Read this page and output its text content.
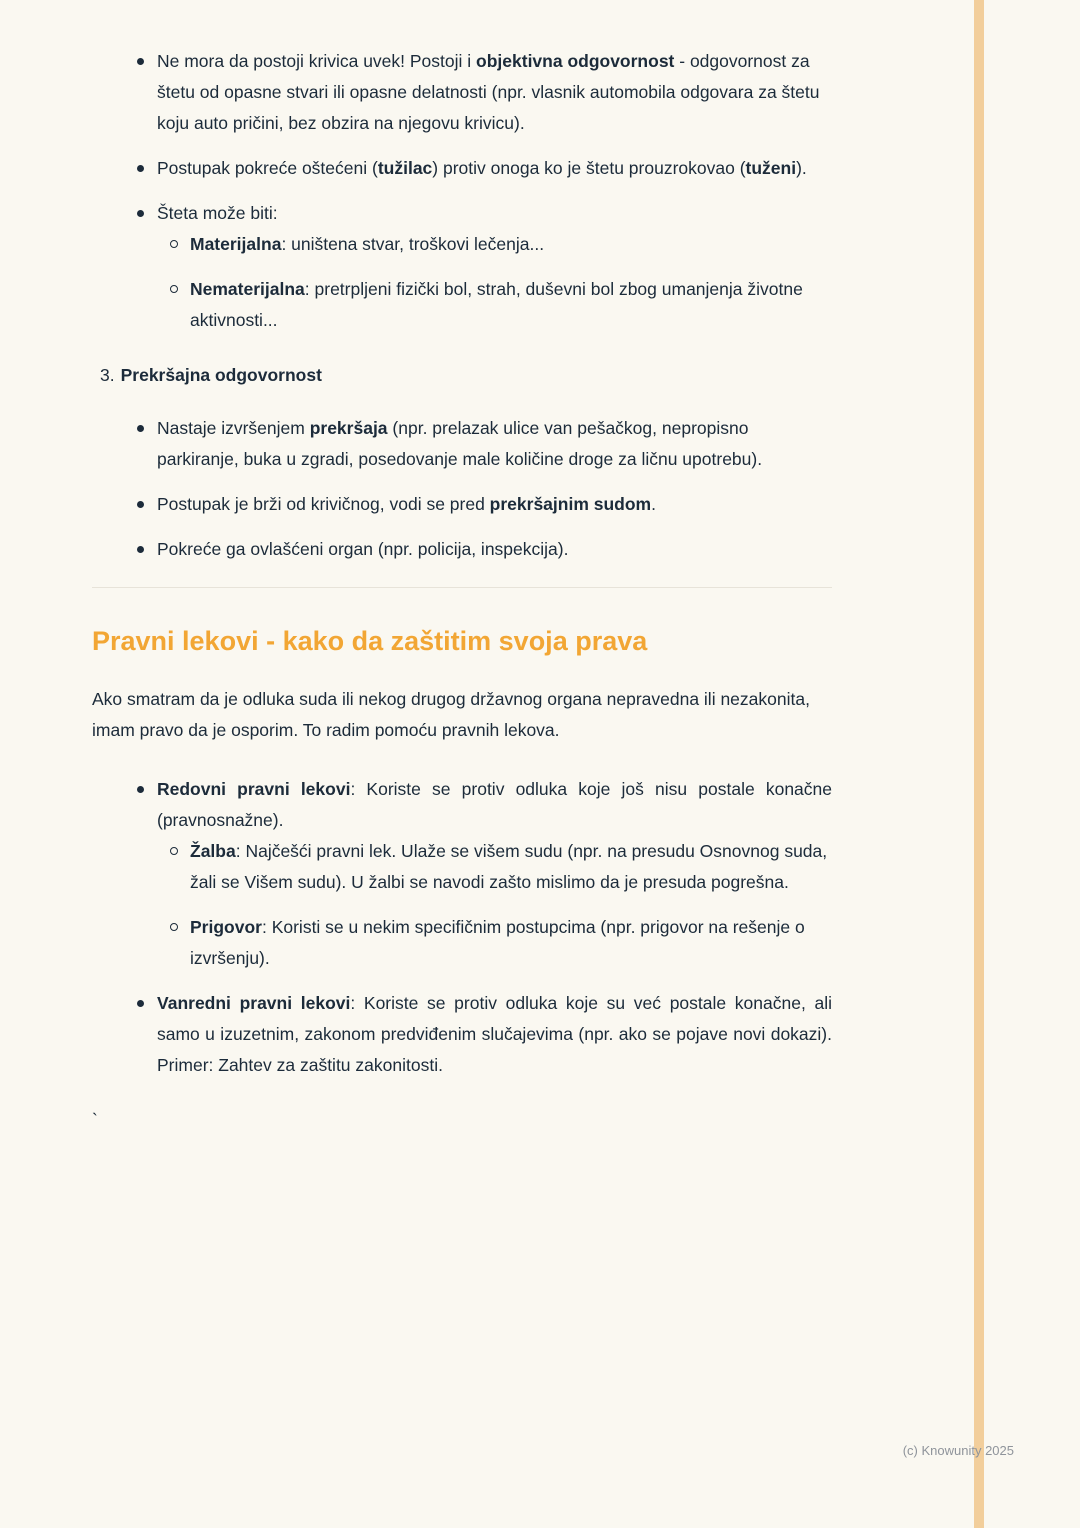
Ne mora da postoji krivica uvek! Postoji i objektivna odgovornost - odgovornost za štetu od opasne stvari ili opasne delatnosti (npr. vlasnik automobila odgovara za štetu koju auto pričini, bez obzira na njegovu krivicu).
Postupak pokreće oštećeni (tužilac) protiv onoga ko je štetu prouzrokovao (tuženi).
Šteta može biti:
Materijalna: uništena stvar, troškovi lečenja...
Nematerijalna: pretrpljeni fizički bol, strah, duševni bol zbog umanjenja životne aktivnosti...

3. Prekršajna odgovornost

Nastaje izvršenjem prekršaja (npr. prelazak ulice van pešačkog, nepropisno parkiranje, buka u zgradi, posedovanje male količine droge za ličnu upotrebu).
Postupak je brži od krivičnog, vodi se pred prekršajnim sudom.
Pokreće ga ovlašćeni organ (npr. policija, inspekcija).
Pravni lekovi - kako da zaštitim svoja prava

Ako smatram da je odluka suda ili nekog drugog državnog organa nepravedna ili nezakonita, imam pravo da je osporim. To radim pomoću pravnih lekova.

Redovni pravni lekovi: Koriste se protiv odluka koje još nisu postale konačne (pravnosnažne).
Žalba: Najčešći pravni lek. Ulaže se višem sudu (npr. na presudu Osnovnog suda, žali se Višem sudu). U žalbi se navodi zašto mislimo da je presuda pogrešna.
Prigovor: Koristi se u nekim specifičnim postupcima (npr. prigovor na rešenje o izvršenju).
Vanredni pravni lekovi: Koriste se protiv odluka koje su već postale konačne, ali samo u izuzetnim, zakonom predviđenim slučajevima (npr. ako se pojave novi dokazi). Primer: Zahtev za zaštitu zakonitosti.

`

(c) Knowunity 2025
